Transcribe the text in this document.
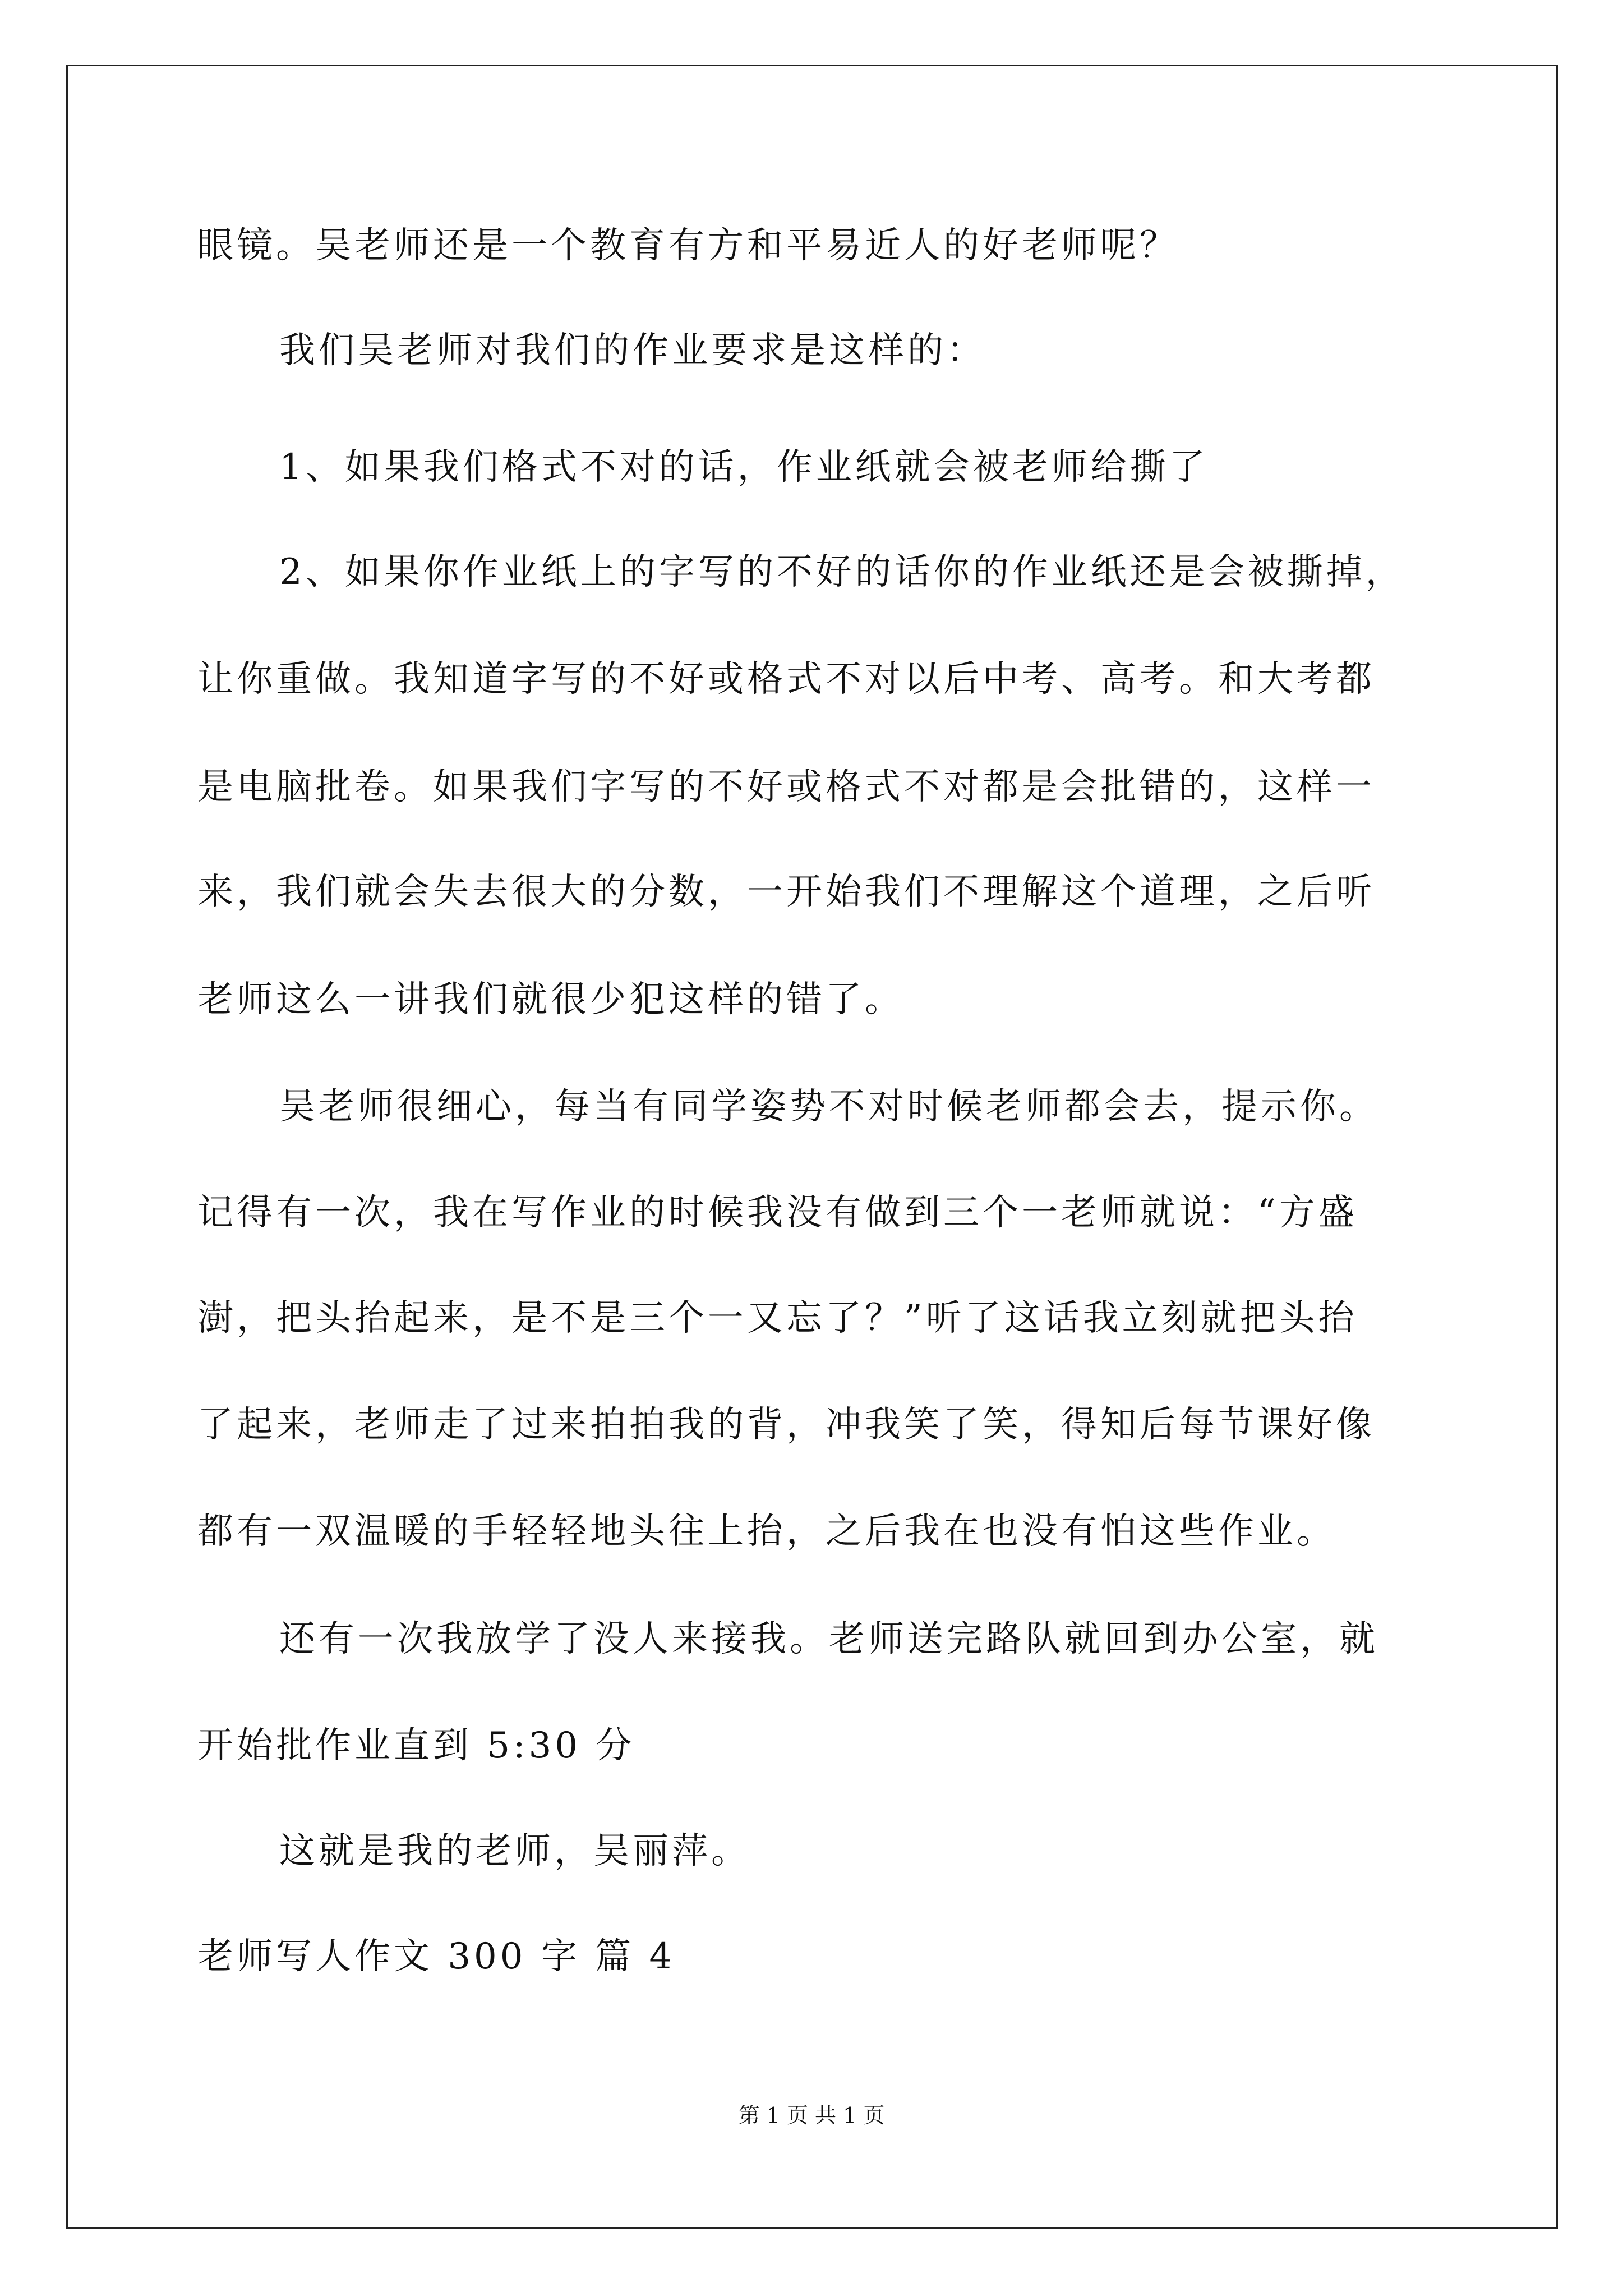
眼镜。吴老师还是一个教育有方和平易近人的好老师呢？
我们吴老师对我们的作业要求是这样的：
1、如果我们格式不对的话，作业纸就会被老师给撕了
2、如果你作业纸上的字写的不好的话你的作业纸还是会被撕掉，
让你重做。我知道字写的不好或格式不对以后中考、高考。和大考都
是电脑批卷。如果我们字写的不好或格式不对都是会批错的，这样一
来，我们就会失去很大的分数，一开始我们不理解这个道理，之后听
老师这么一讲我们就很少犯这样的错了。
吴老师很细心，每当有同学姿势不对时候老师都会去，提示你。
记得有一次，我在写作业的时候我没有做到三个一老师就说：“方盛
澍，把头抬起来，是不是三个一又忘了？”听了这话我立刻就把头抬
了起来，老师走了过来拍拍我的背，冲我笑了笑，得知后每节课好像
都有一双温暖的手轻轻地头往上抬，之后我在也没有怕这些作业。
还有一次我放学了没人来接我。老师送完路队就回到办公室，就
开始批作业直到 5:30 分
这就是我的老师，吴丽萍。
老师写人作文 300 字 篇 4
第 1 页 共 1 页
